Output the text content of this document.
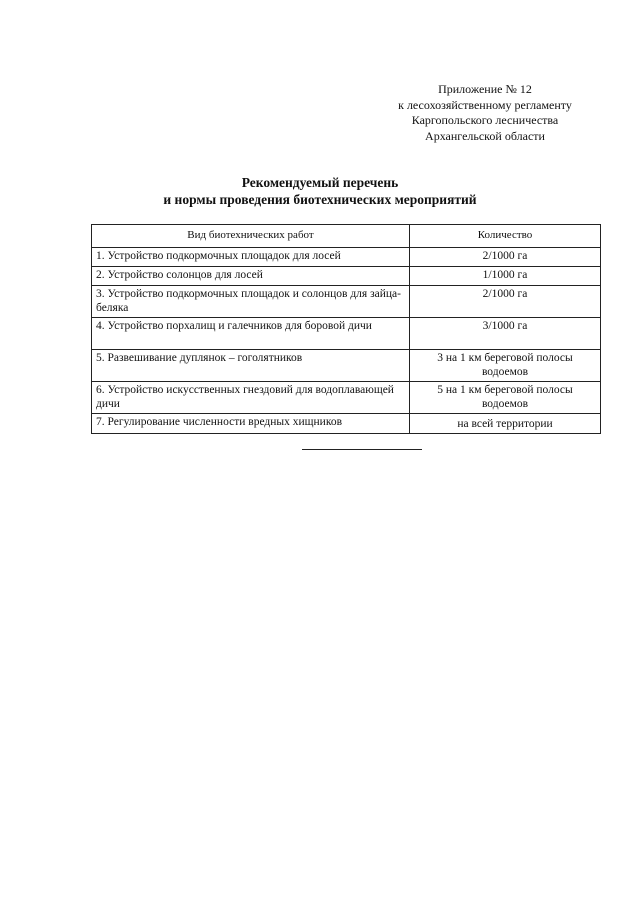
Приложение № 12
к лесохозяйственному регламенту
Каргопольского лесничества
Архангельской области
Рекомендуемый перечень
и нормы проведения биотехнических мероприятий
Вид биотехнических работ	Количество
1. Устройство подкормочных площадок для лосей	2/1000 га
2. Устройство солонцов для лосей	1/1000 га
3. Устройство подкормочных площадок и солонцов для зайца-беляка	2/1000 га
4. Устройство порхалищ и галечников для боровой дичи	3/1000 га
5. Развешивание дуплянок – гоголятников	3 на 1 км береговой полосы водоемов
6. Устройство искусственных гнездовий для водоплавающей дичи	5 на 1 км береговой полосы водоемов
7. Регулирование численности вредных хищников	на всей территории
